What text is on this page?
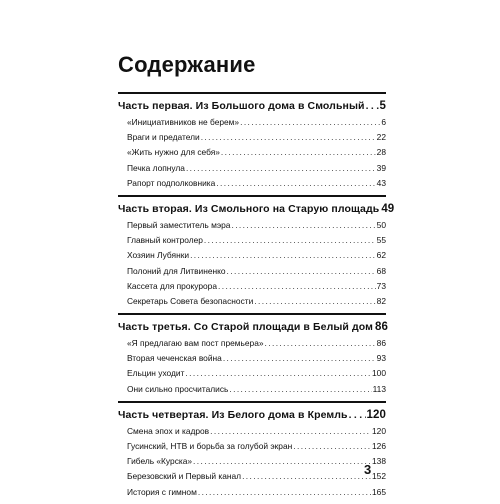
Содержание
Часть первая. Из Большого дома в Смольный ..... 5
«Инициативников не берем» .....	6
Враги и предатели .....	22
«Жить нужно для себя» .....	28
Печка лопнула .....	39
Рапорт подполковника .....	43
Часть вторая. Из Смольного на Старую площадь 49
Первый заместитель мэра .....	50
Главный контролер .....	55
Хозяин Лубянки .....	62
Полоний для Литвиненко .....	68
Кассета для прокурора .....	73
Секретарь Совета безопасности .....	82
Часть третья. Со Старой площади в Белый дом 86
«Я предлагаю вам пост премьера» .....	86
Вторая чеченская война .....	93
Ельцин уходит .....	100
Они сильно просчитались .....	113
Часть четвертая. Из Белого дома в Кремль ..... 120
Смена эпох и кадров .....	120
Гусинский, НТВ и борьба за голубой экран .....	126
Гибель «Курска» .....	138
Березовский и Первый канал .....	152
История с гимном .....	165
3
